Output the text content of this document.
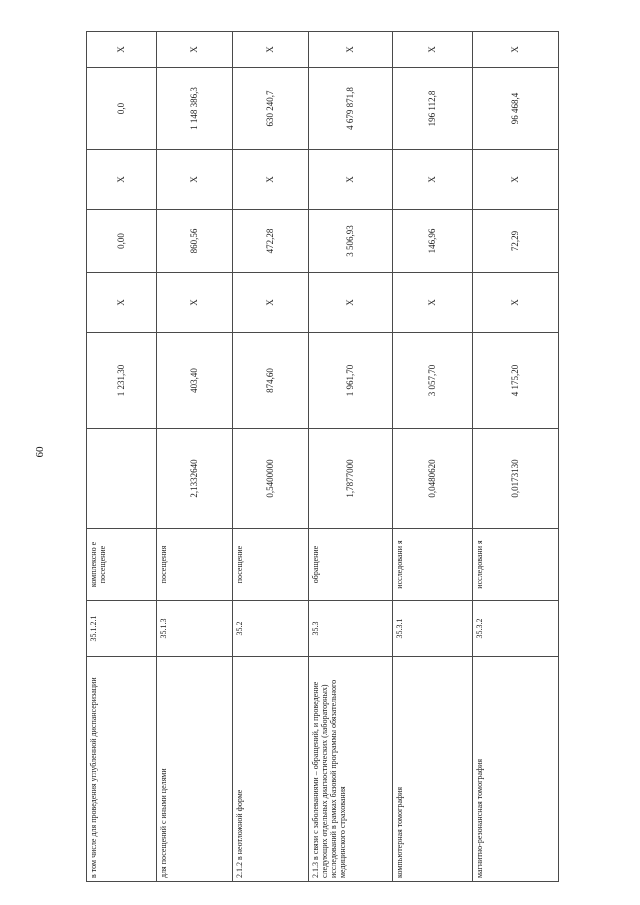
60
в том числе для проведения углубленной диспансеризации	35.1.2.1	комплексно е посещение		1 231,30	X	0,00	X	0,0	X
для посещений с иными целями	35.1.3	посещения	2,1332640	403,40	X	860,56	X	1 148 386,3	X
2.1.2 в неотложной форме	35.2	посещение	0,5400000	874,60	X	472,28	X	630 240,7	X
2.1.3 в связи с заболеваниями – обращений, и проведение следующих отдельных диагностических (лабораторных) исследований в рамках базовой программы обязательного медицинского страхования	35.3	обращение	1,7877000	1 961,70	X	3 506,93	X	4 679 871,8	X
компьютерная томография	35.3.1	исследовани я	0,0480620	3 057,70	X	146,96	X	196 112,8	X
магнитно-резонансная томография	35.3.2	исследовани я	0,0173130	4 175,20	X	72,29	X	96 468,4	X
